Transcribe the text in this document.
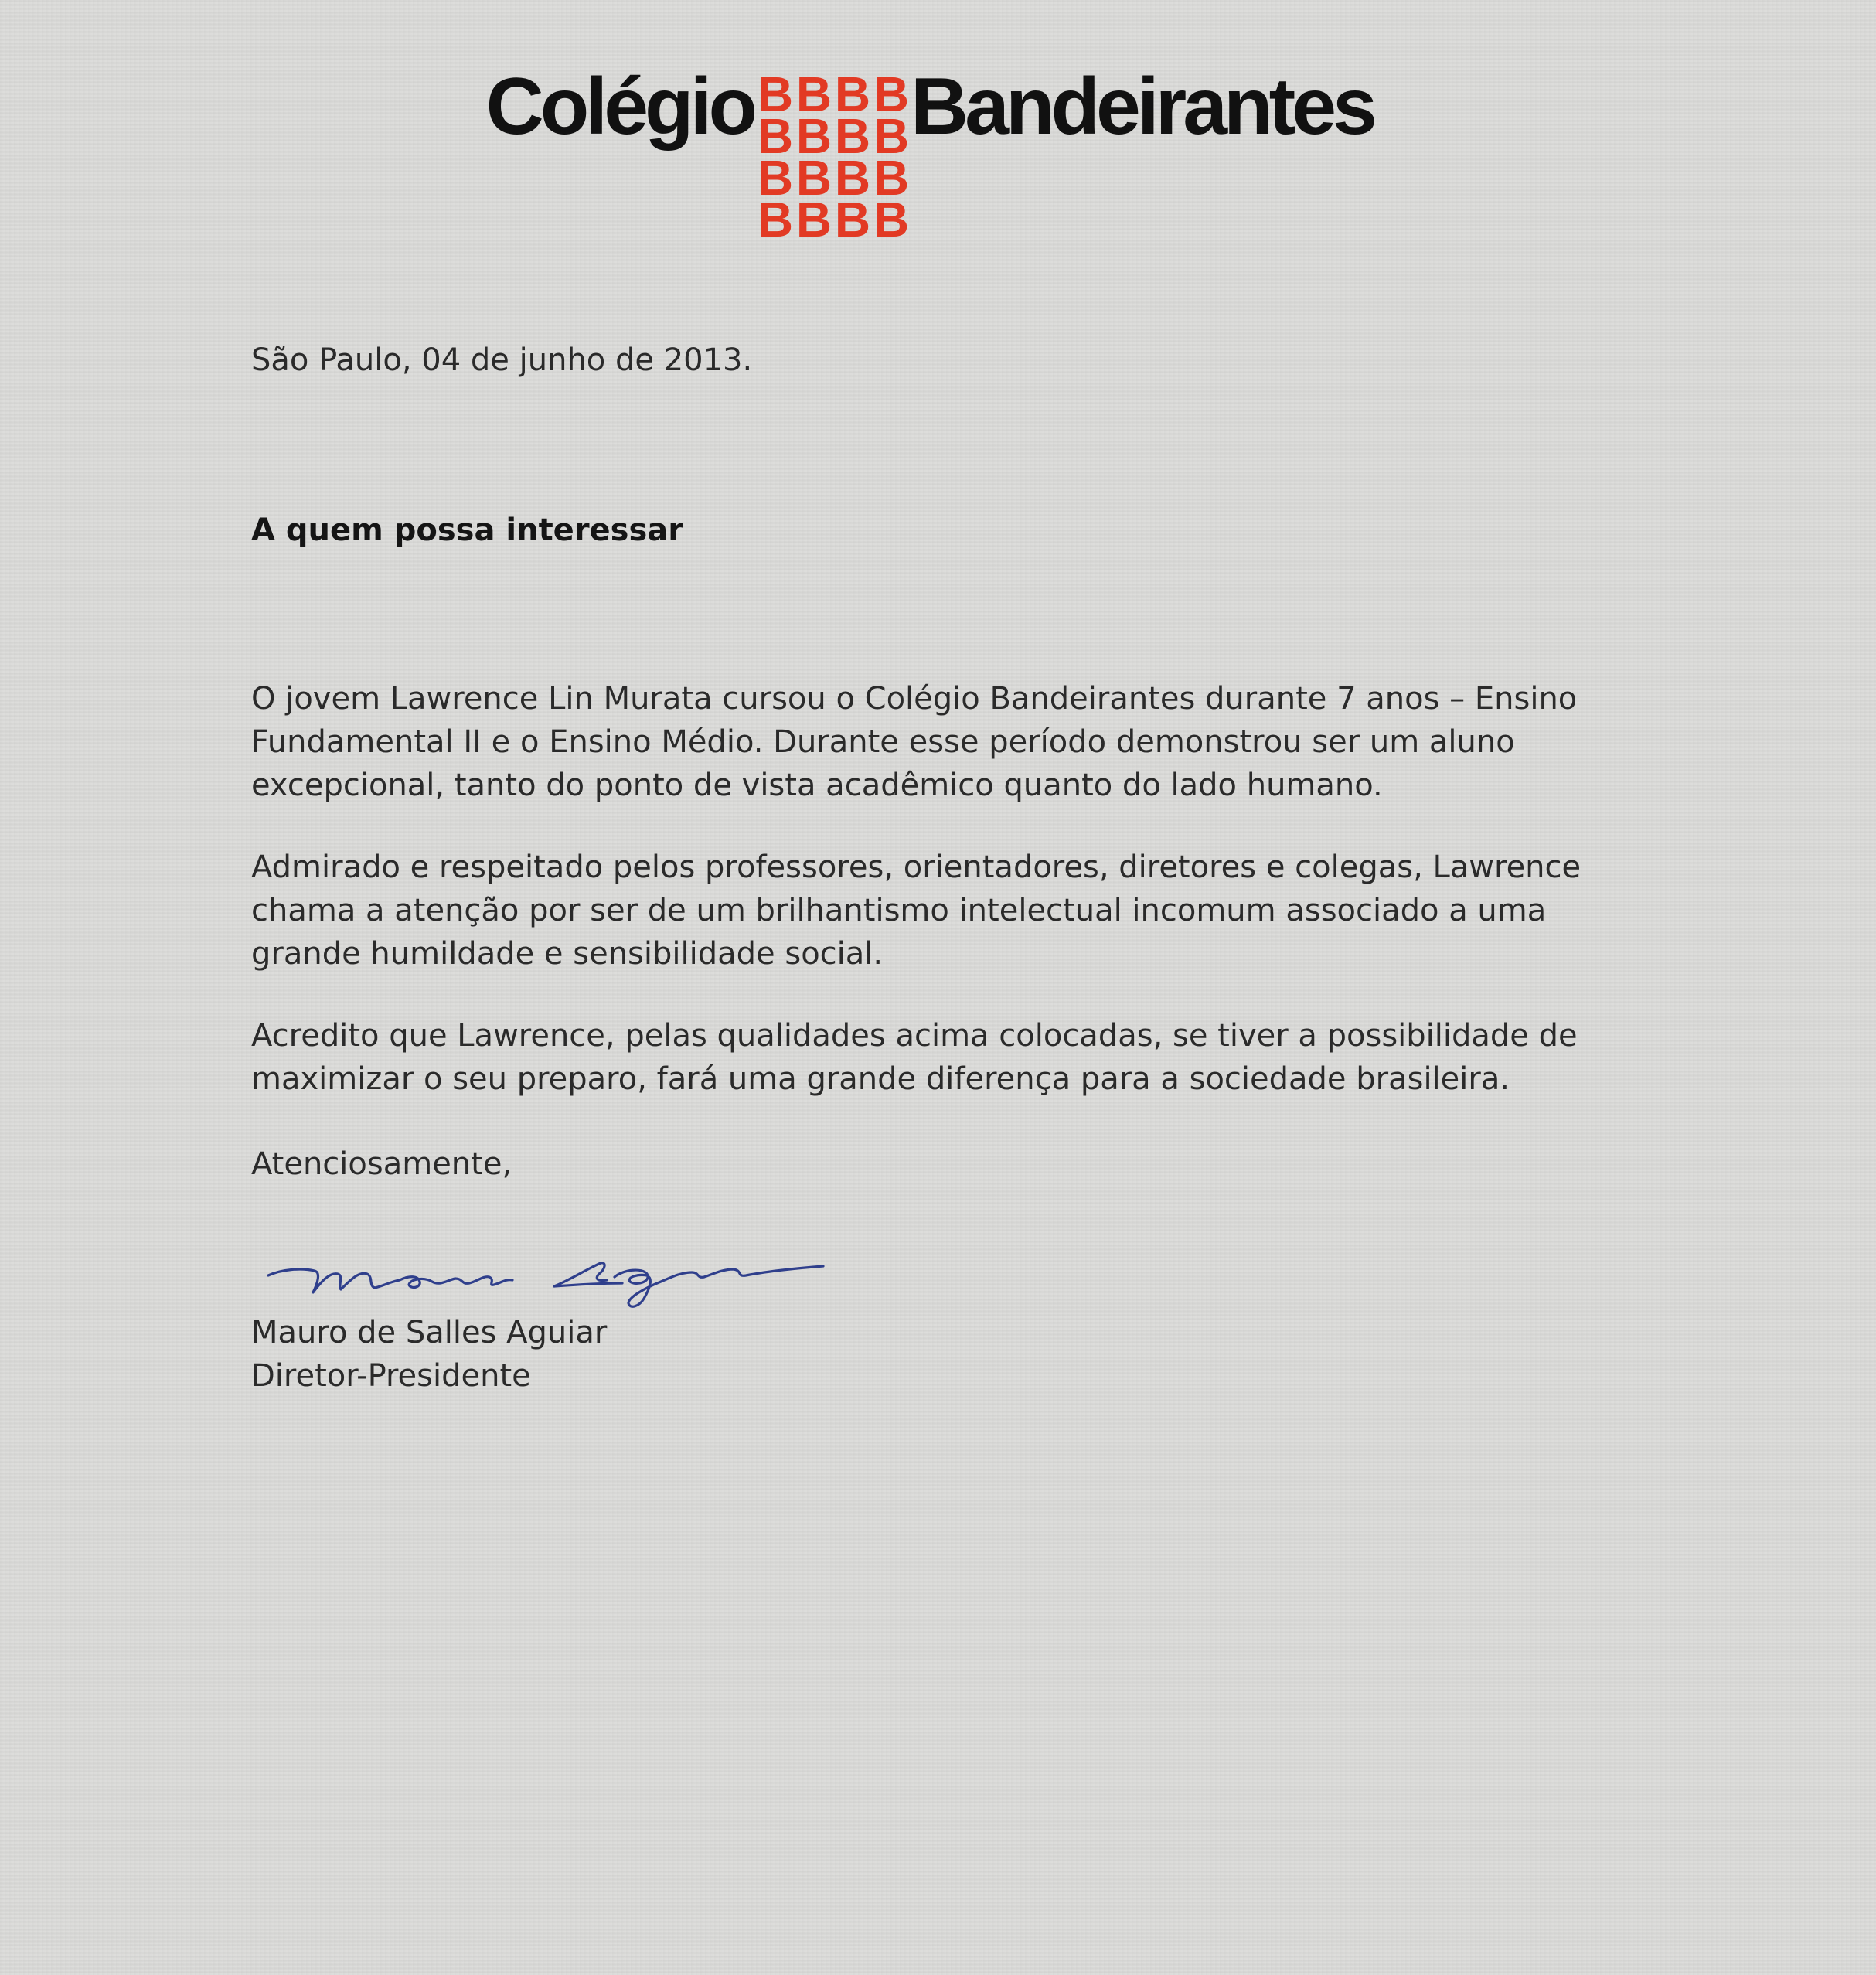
Colégio B B B B
B B B B
B B B B
B B B B
Bandeirantes
São Paulo, 04 de junho de 2013.
A quem possa interessar

O jovem Lawrence Lin Murata cursou o Colégio Bandeirantes durante 7 anos – Ensino
Fundamental II e o Ensino Médio. Durante esse período demonstrou ser um aluno
excepcional, tanto do ponto de vista acadêmico quanto do lado humano.

Admirado e respeitado pelos professores, orientadores, diretores e colegas, Lawrence
chama a atenção por ser de um brilhantismo intelectual incomum associado a uma
grande humildade e sensibilidade social.

Acredito que Lawrence, pelas qualidades acima colocadas, se tiver a possibilidade de
maximizar o seu preparo, fará uma grande diferença para a sociedade brasileira.

Atenciosamente,
Mauro de Salles Aguiar
Diretor-Presidente
